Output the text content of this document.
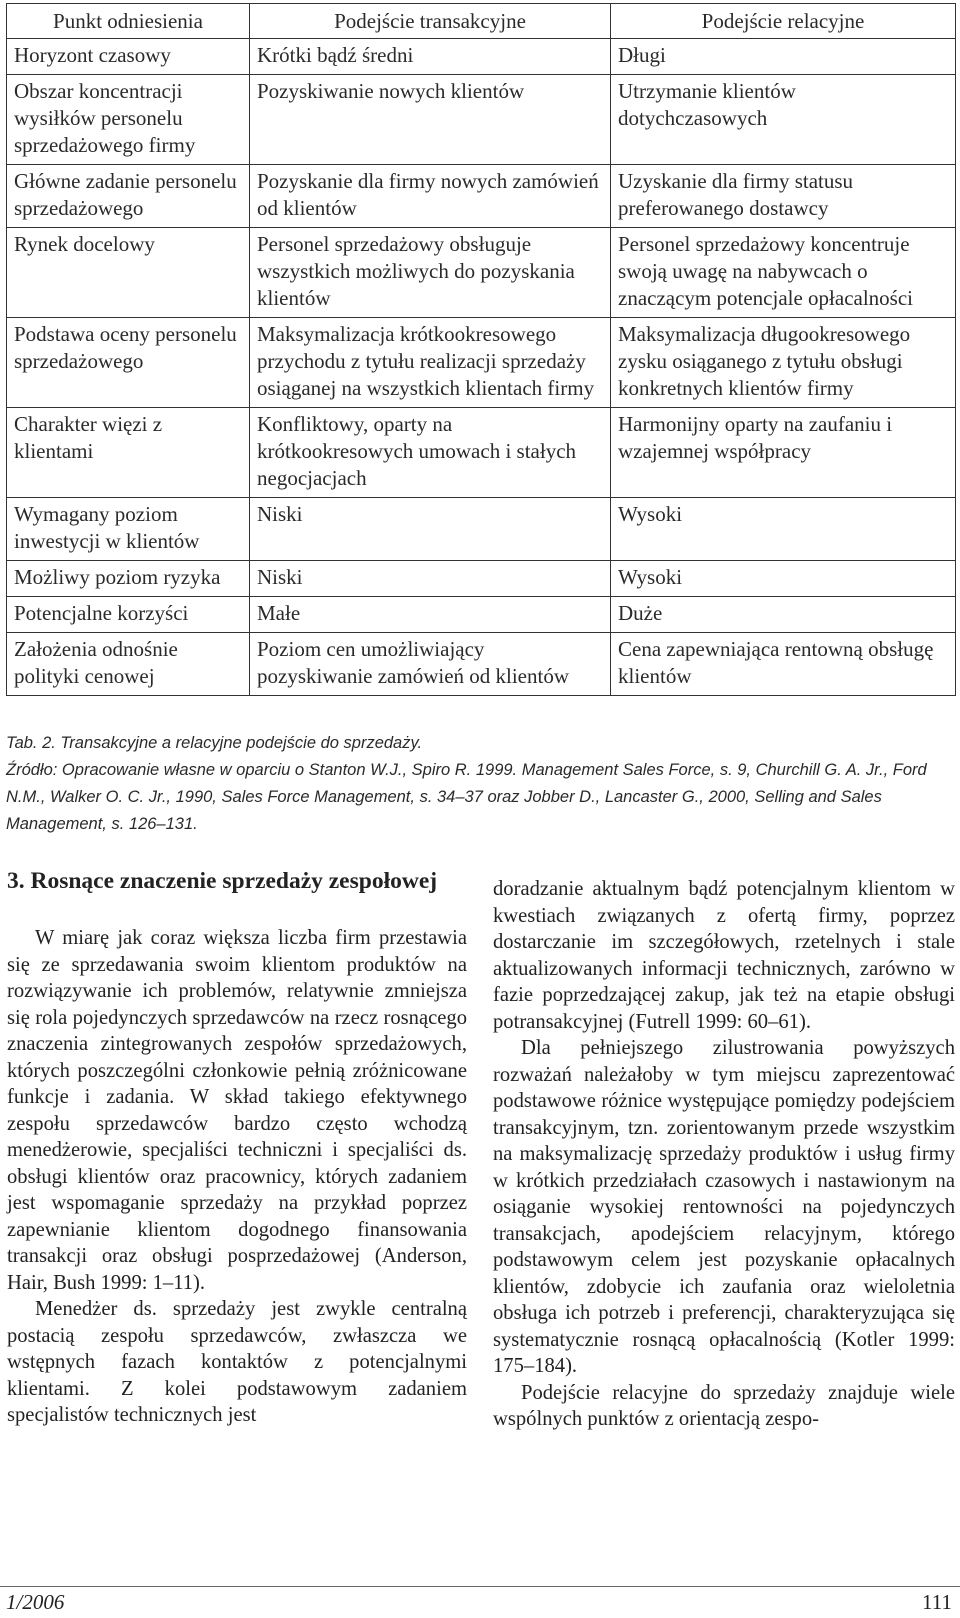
Punkt odniesienia	Podejście transakcyjne	Podejście relacyjne
Horyzont czasowy	Krótki bądź średni	Długi
Obszar koncentracji wysiłków personelu sprzedażowego firmy	Pozyskiwanie nowych klientów	Utrzymanie klientów dotychczasowych
Główne zadanie personelu sprzedażowego	Pozyskanie dla firmy nowych zamówień od klientów	Uzyskanie dla firmy statusu preferowanego dostawcy
Rynek docelowy	Personel sprzedażowy obsługuje wszystkich możliwych do pozyskania klientów	Personel sprzedażowy koncentruje swoją uwagę na nabywcach o znaczącym potencjale opłacalności
Podstawa oceny personelu sprzedażowego	Maksymalizacja krótkookresowego przychodu z tytułu realizacji sprzedaży osiąganej na wszystkich klientach firmy	Maksymalizacja długookresowego zysku osiąganego z tytułu obsługi konkretnych klientów firmy
Charakter więzi z klientami	Konfliktowy, oparty na krótkookresowych umowach i stałych negocjacjach	Harmonijny oparty na zaufaniu i wzajemnej współpracy
Wymagany poziom inwestycji w klientów	Niski	Wysoki
Możliwy poziom ryzyka	Niski	Wysoki
Potencjalne korzyści	Małe	Duże
Założenia odnośnie polityki cenowej	Poziom cen umożliwiający pozyskiwanie zamówień od klientów	Cena zapewniająca rentowną obsługę klientów
Tab. 2. Transakcyjne a relacyjne podejście do sprzedaży.
Źródło: Opracowanie własne w oparciu o Stanton W.J., Spiro R. 1999. Management Sales Force, s. 9, Churchill G. A. Jr., Ford N.M., Walker O. C. Jr., 1990, Sales Force Management, s. 34–37 oraz Jobber D., Lancaster G., 2000, Selling and Sales Management, s. 126–131.
3. Rosnące znaczenie sprzedaży zespołowej

W miarę jak coraz większa liczba firm przestawia się ze sprzedawania swoim klientom produktów na rozwiązywanie ich problemów, relatywnie zmniejsza się rola pojedynczych sprzedawców na rzecz rosnącego znaczenia zintegrowanych zespołów sprzedażowych, których poszczególni członkowie pełnią zróżnicowane funkcje i zadania. W skład takiego efektywnego zespołu sprzedawców bardzo często wchodzą menedżerowie, specjaliści techniczni i specjaliści ds. obsługi klientów oraz pracownicy, których zadaniem jest wspomaganie sprzedaży na przykład poprzez zapewnianie klientom dogodnego finansowania transakcji oraz obsługi posprzedażowej (Anderson, Hair, Bush 1999: 1–11).

Menedżer ds. sprzedaży jest zwykle centralną postacią zespołu sprzedawców, zwłaszcza we wstępnych fazach kontaktów z potencjalnymi klientami. Z kolei podstawowym zadaniem specjalistów technicznych jest

doradzanie aktualnym bądź potencjalnym klientom w kwestiach związanych z ofertą firmy, poprzez dostarczanie im szczegółowych, rzetelnych i stale aktualizowanych informacji technicznych, zarówno w fazie poprzedzającej zakup, jak też na etapie obsługi potransakcyjnej (Futrell 1999: 60–61).

Dla pełniejszego zilustrowania powyższych rozważań należałoby w tym miejscu zaprezentować podstawowe różnice występujące pomiędzy podejściem transakcyjnym, tzn. zorientowanym przede wszystkim na maksymalizację sprzedaży produktów i usług firmy w krótkich przedziałach czasowych i nastawionym na osiąganie wysokiej rentowności na pojedynczych transakcjach, apodejściem relacyjnym, którego podstawowym celem jest pozyskanie opłacalnych klientów, zdobycie ich zaufania oraz wieloletnia obsługa ich potrzeb i preferencji, charakteryzująca się systematycznie rosnącą opłacalnością (Kotler 1999: 175–184).

Podejście relacyjne do sprzedaży znajduje wiele wspólnych punktów z orientacją zespo-

1/2006	111
